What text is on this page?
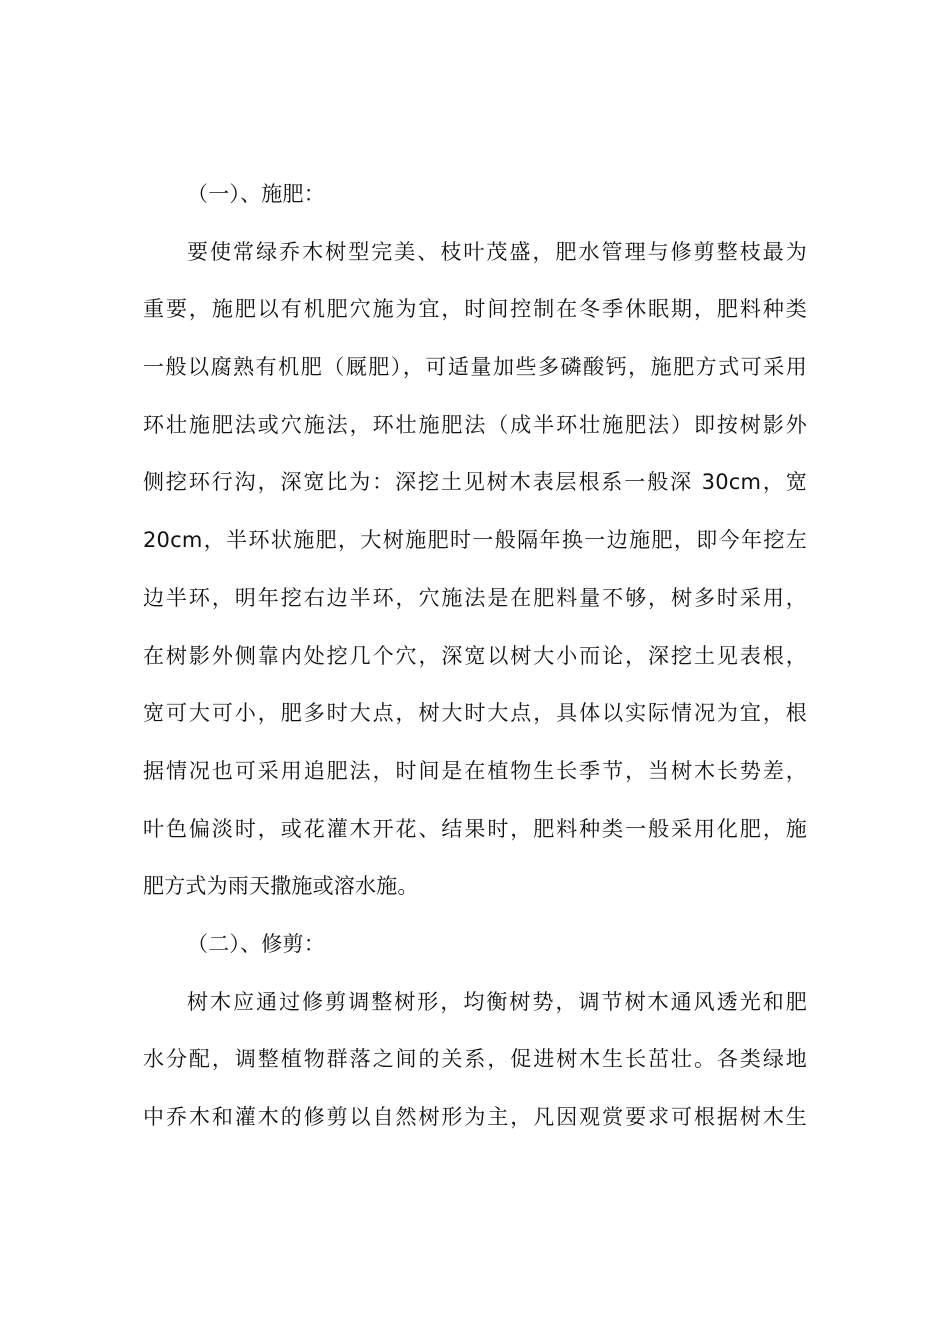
（一）、施肥：
要使常绿乔木树型完美、枝叶茂盛，肥水管理与修剪整枝最为
重要，施肥以有机肥穴施为宜，时间控制在冬季休眠期，肥料种类
一般以腐熟有机肥（厩肥），可适量加些多磷酸钙，施肥方式可采用
环壮施肥法或穴施法，环壮施肥法（成半环壮施肥法）即按树影外
侧挖环行沟，深宽比为：深挖土见树木表层根系一般深 30cm，宽
20cm，半环状施肥，大树施肥时一般隔年换一边施肥，即今年挖左
边半环，明年挖右边半环，穴施法是在肥料量不够，树多时采用，
在树影外侧靠内处挖几个穴，深宽以树大小而论，深挖土见表根，
宽可大可小，肥多时大点，树大时大点，具体以实际情况为宜，根
据情况也可采用追肥法，时间是在植物生长季节，当树木长势差，
叶色偏淡时，或花灌木开花、结果时，肥料种类一般采用化肥，施
肥方式为雨天撒施或溶水施。
（二）、修剪：
树木应通过修剪调整树形，均衡树势，调节树木通风透光和肥
水分配，调整植物群落之间的关系，促进树木生长茁壮。各类绿地
中乔木和灌木的修剪以自然树形为主，凡因观赏要求可根据树木生
